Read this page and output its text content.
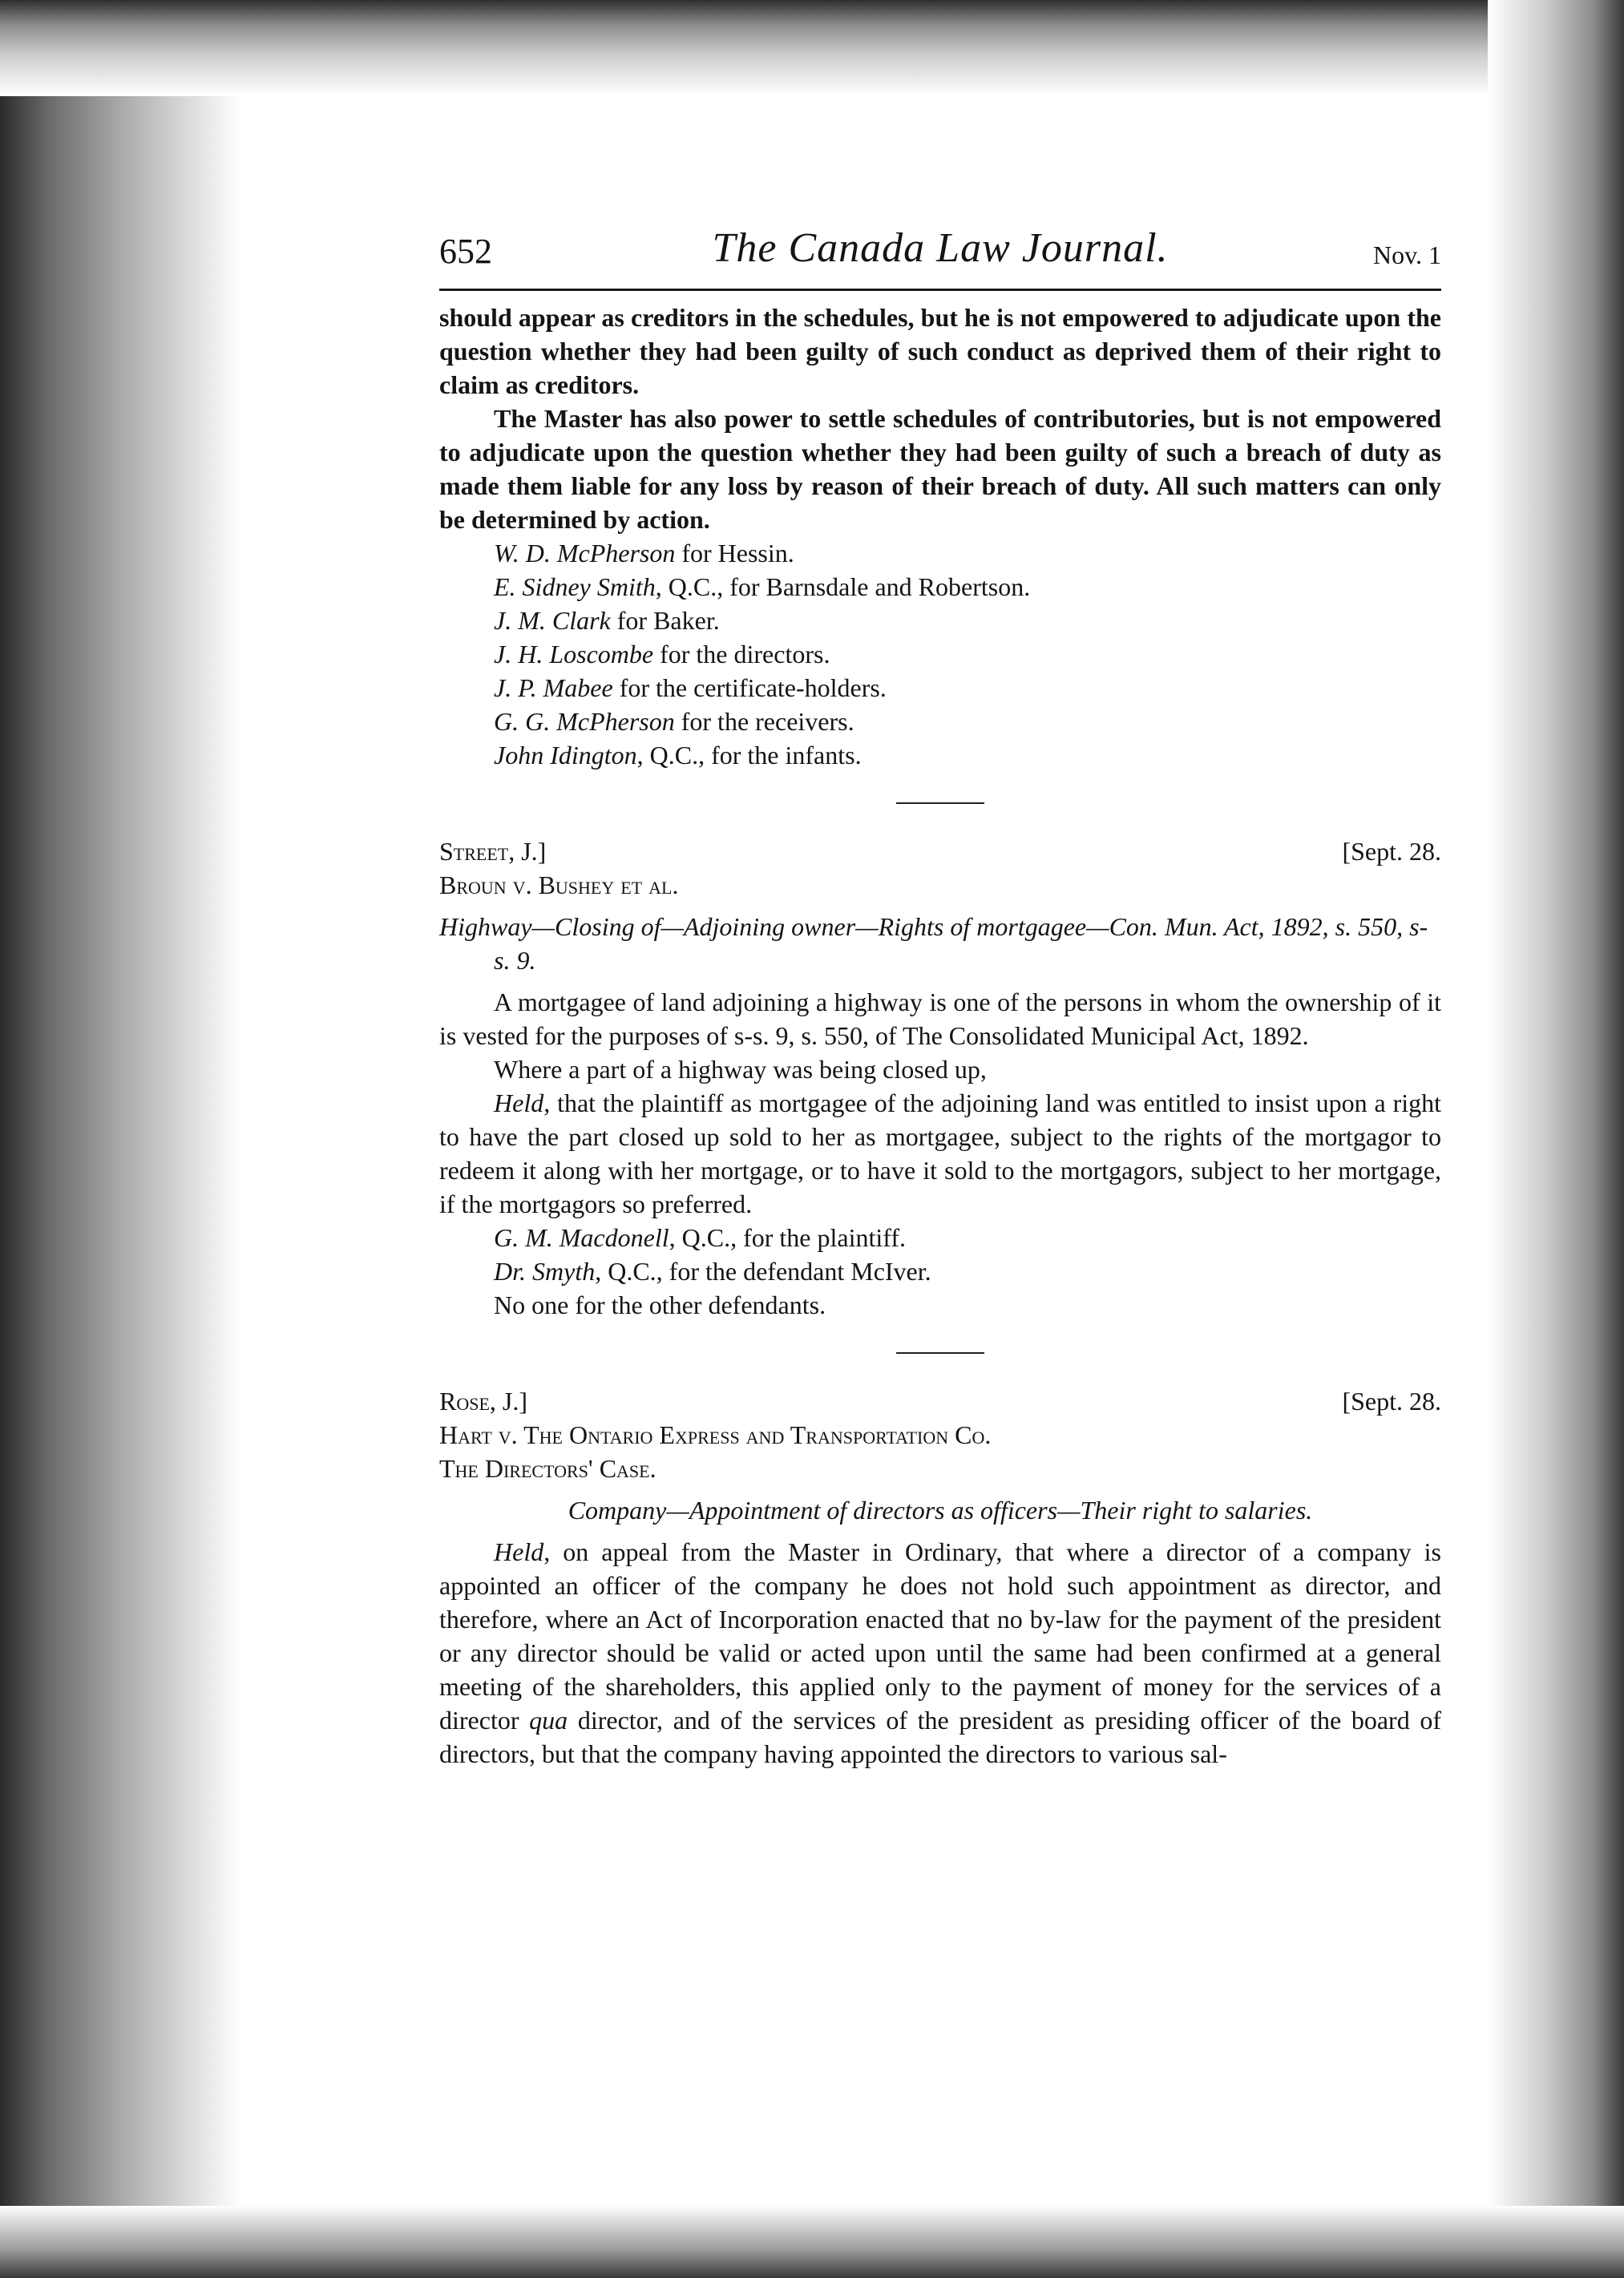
652	The Canada Law Journal.	Nov. 1

should appear as creditors in the schedules, but he is not empowered to adjudicate upon the question whether they had been guilty of such conduct as deprived them of their right to claim as creditors.

The Master has also power to settle schedules of contributories, but is not empowered to adjudicate upon the question whether they had been guilty of such a breach of duty as made them liable for any loss by reason of their breach of duty. All such matters can only be determined by action.

W. D. McPherson for Hessin.

E. Sidney Smith, Q.C., for Barnsdale and Robertson.

J. M. Clark for Baker.

J. H. Loscombe for the directors.

J. P. Mabee for the certificate-holders.

G. G. McPherson for the receivers.

John Idington, Q.C., for the infants.

Street, J.]	[Sept. 28.

Broun v. Bushey et al.

Highway—Closing of—Adjoining owner—Rights of mortgagee—Con. Mun. Act, 1892, s. 550, s-s. 9.

A mortgagee of land adjoining a highway is one of the persons in whom the ownership of it is vested for the purposes of s-s. 9, s. 550, of The Consolidated Municipal Act, 1892.

Where a part of a highway was being closed up,

Held, that the plaintiff as mortgagee of the adjoining land was entitled to insist upon a right to have the part closed up sold to her as mortgagee, subject to the rights of the mortgagor to redeem it along with her mortgage, or to have it sold to the mortgagors, subject to her mortgage, if the mortgagors so preferred.

G. M. Macdonell, Q.C., for the plaintiff.

Dr. Smyth, Q.C., for the defendant McIver.

No one for the other defendants.

Rose, J.]	[Sept. 28.

Hart v. The Ontario Express and Transportation Co.

The Directors' Case.

Company—Appointment of directors as officers—Their right to salaries.

Held, on appeal from the Master in Ordinary, that where a director of a company is appointed an officer of the company he does not hold such appointment as director, and therefore, where an Act of Incorporation enacted that no by-law for the payment of the president or any director should be valid or acted upon until the same had been confirmed at a general meeting of the shareholders, this applied only to the payment of money for the services of a director qua director, and of the services of the president as presiding officer of the board of directors, but that the company having appointed the directors to various sal-
